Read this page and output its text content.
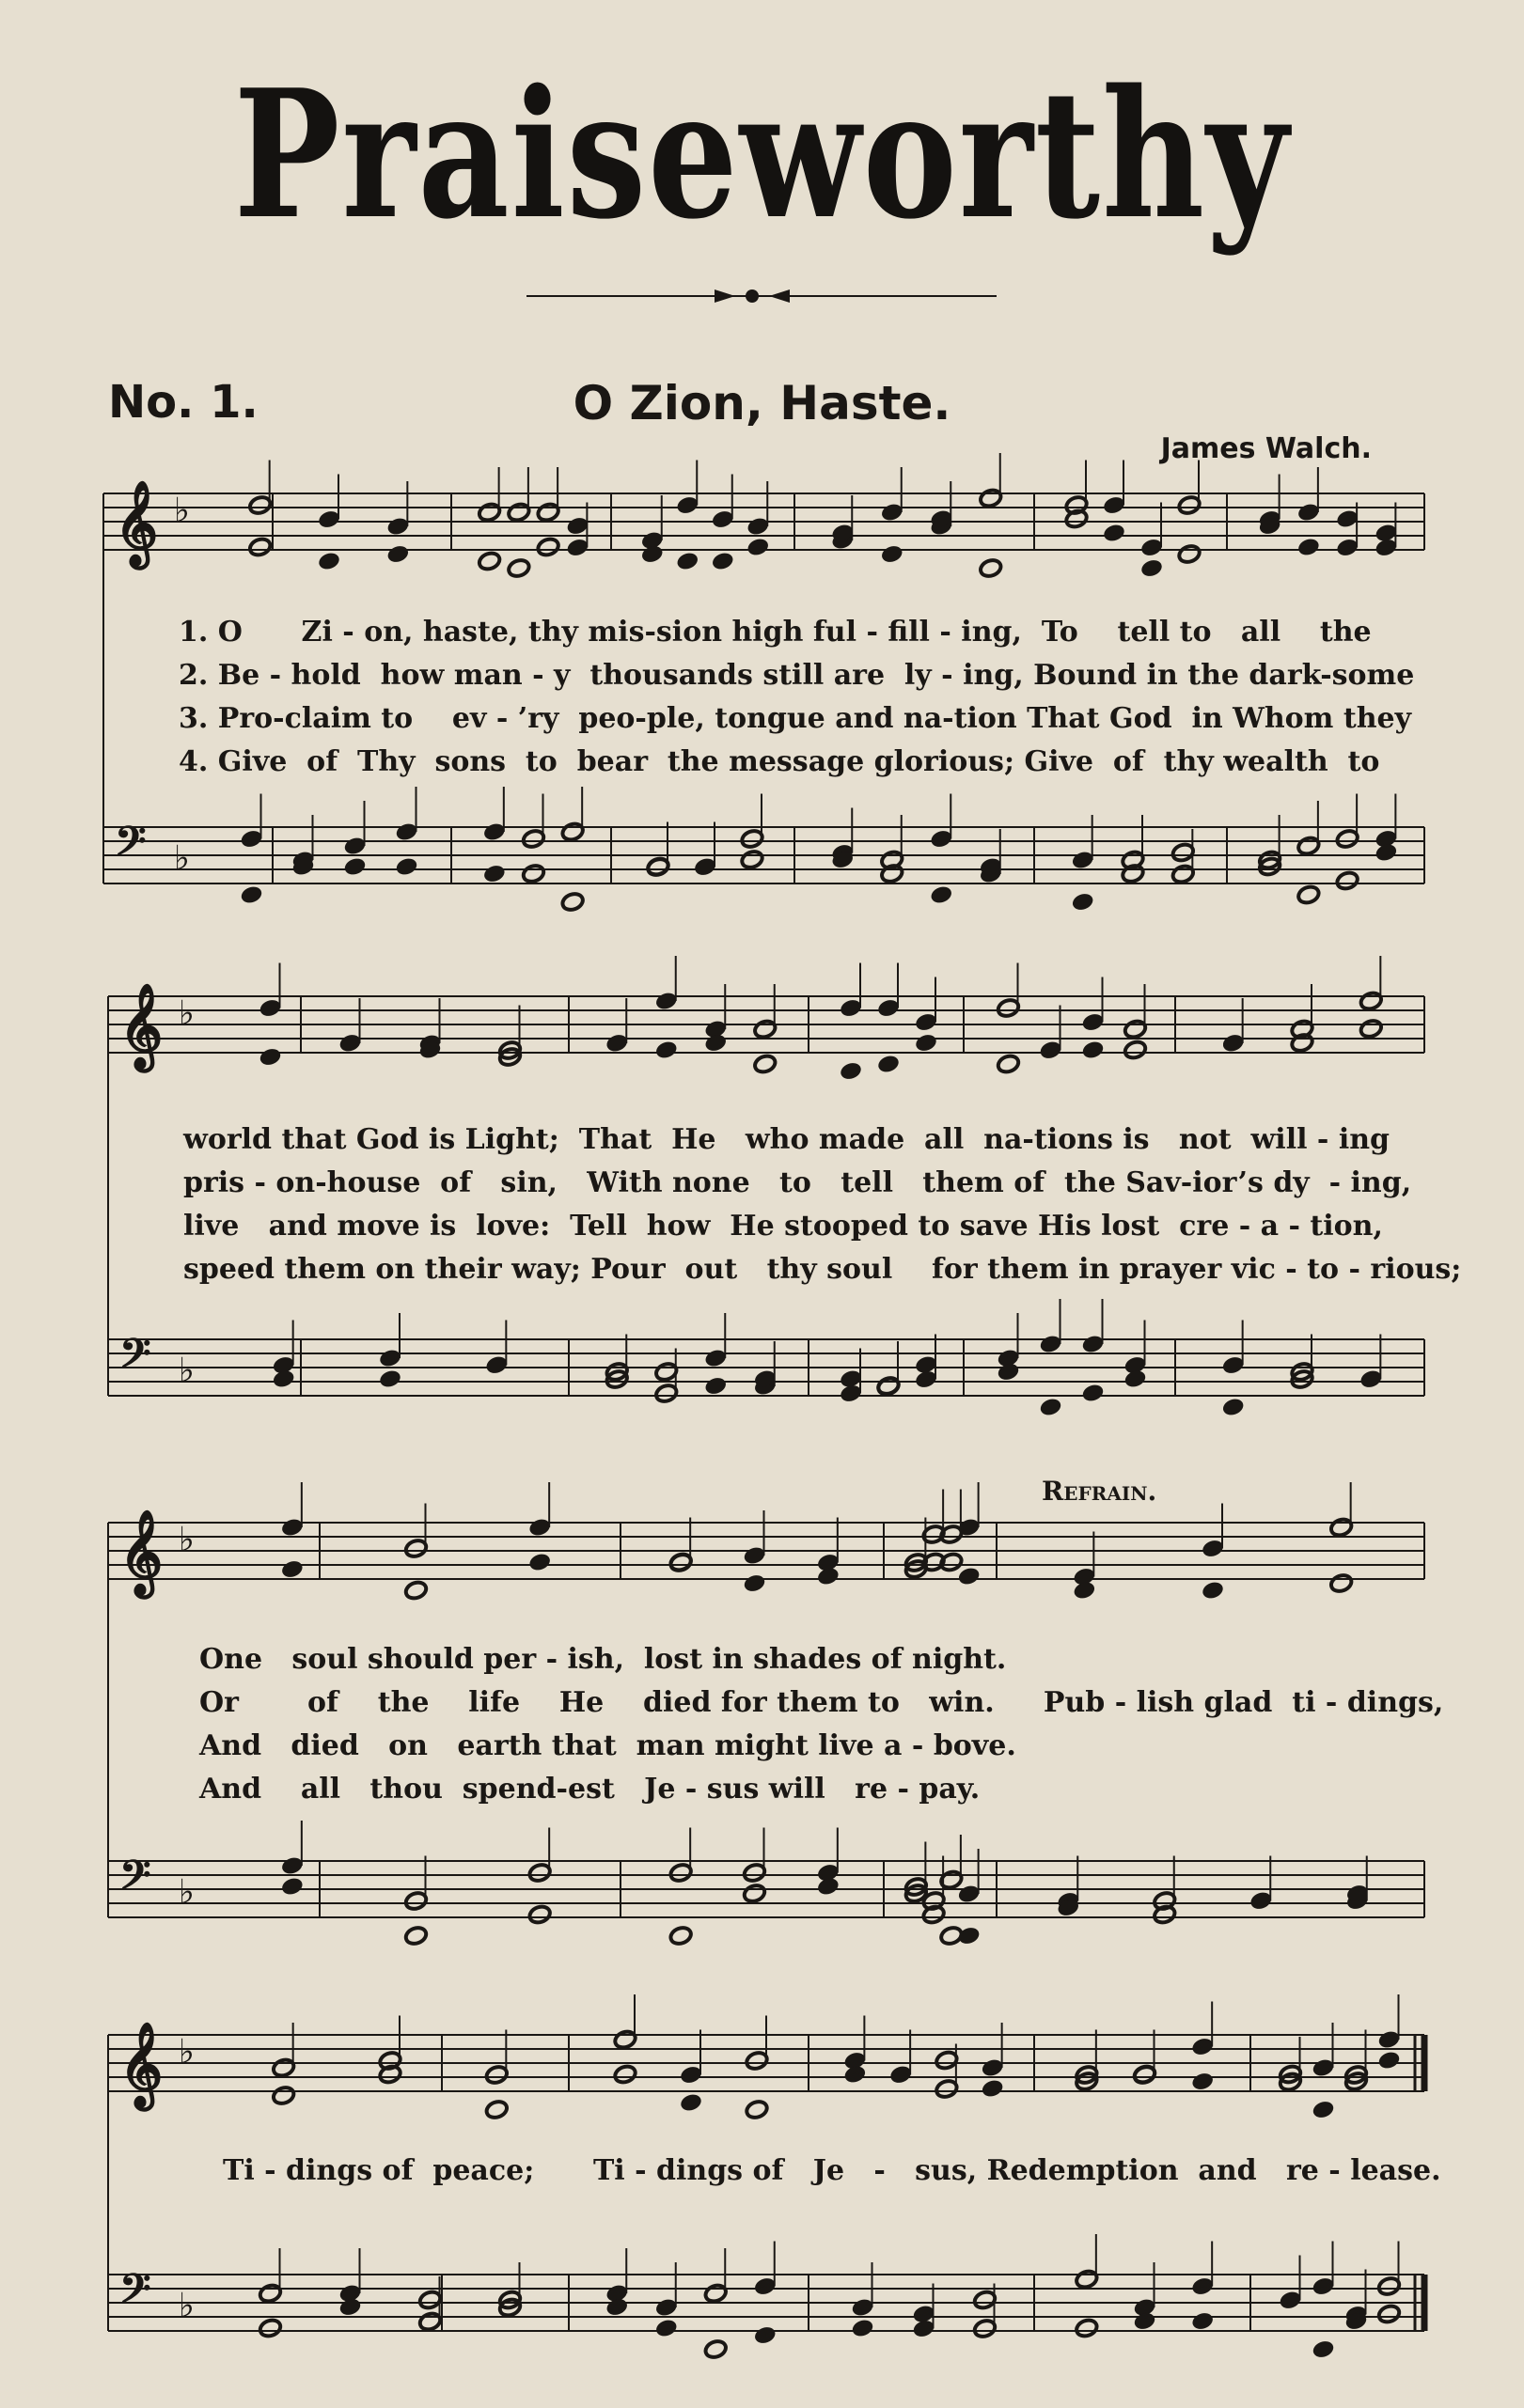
Praiseworthy
No. 1.	O Zion, Haste.
James Walch.
𝄞 ♭
𝄢 ♭
𝄞 ♭
𝄢 ♭
𝄞 ♭
𝄢 ♭
𝄞 ♭
𝄢 ♭
Refrain.
1. O      Zi - on, haste, thy mis-sion high ful - fill - ing,  To    tell to   all    the
2. Be - hold  how man - y  thousands still are  ly - ing, Bound in the dark-some
3. Pro-claim to    ev - ’ry  peo-ple, tongue and na-tion That God  in Whom they
4. Give  of  Thy  sons  to  bear  the message glorious; Give  of  thy wealth  to
world that God is Light;  That  He   who made  all  na-tions is   not  will - ing
pris - on-house  of   sin,   With none   to   tell   them of  the Sav-ior’s dy  - ing,
live   and move is  love:  Tell  how  He stooped to save His lost  cre - a - tion,
speed them on their way; Pour  out   thy soul    for them in prayer vic - to - rious;
One   soul should per - ish,  lost in shades of night.
Or       of    the    life    He    died for them to   win.     Pub - lish glad  ti - dings,
And   died   on   earth that  man might live a - bove.
And    all   thou  spend-est   Je - sus will   re - pay.
Ti - dings of  peace;      Ti - dings of   Je   -   sus, Redemption  and   re - lease.
